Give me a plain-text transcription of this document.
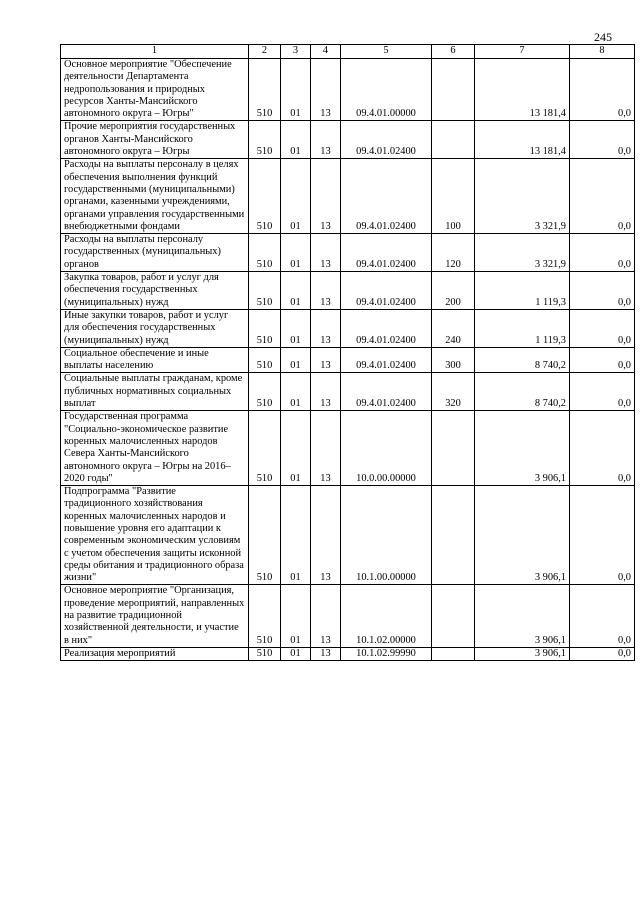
245
1	2	3	4	5	6	7	8
Основное мероприятие "Обеспечение деятельности Департамента недропользования и природных ресурсов Ханты-Мансийского автономного округа – Югры"	510	01	13	09.4.01.00000		13 181,4	0,0
Прочие мероприятия государственных органов Ханты-Мансийского автономного округа – Югры	510	01	13	09.4.01.02400		13 181,4	0,0
Расходы на выплаты персоналу в целях обеспечения выполнения функций государственными (муниципальными) органами, казенными учреждениями, органами управления государственными внебюджетными фондами	510	01	13	09.4.01.02400	100	3 321,9	0,0
Расходы на выплаты персоналу государственных (муниципальных) органов	510	01	13	09.4.01.02400	120	3 321,9	0,0
Закупка товаров, работ и услуг для обеспечения государственных (муниципальных) нужд	510	01	13	09.4.01.02400	200	1 119,3	0,0
Иные закупки товаров, работ и услуг для обеспечения государственных (муниципальных) нужд	510	01	13	09.4.01.02400	240	1 119,3	0,0
Социальное обеспечение и иные выплаты населению	510	01	13	09.4.01.02400	300	8 740,2	0,0
Социальные выплаты гражданам, кроме публичных нормативных социальных выплат	510	01	13	09.4.01.02400	320	8 740,2	0,0
Государственная программа "Социально-экономическое развитие коренных малочисленных народов Севера Ханты-Мансийского автономного округа – Югры на 2016–2020 годы"	510	01	13	10.0.00.00000		3 906,1	0,0
Подпрограмма "Развитие традиционного хозяйствования коренных малочисленных народов и повышение уровня его адаптации к современным экономическим условиям с учетом обеспечения защиты исконной среды обитания и традиционного образа жизни"	510	01	13	10.1.00.00000		3 906,1	0,0
Основное мероприятие "Организация, проведение мероприятий, направленных на развитие традиционной хозяйственной деятельности, и участие в них"	510	01	13	10.1.02.00000		3 906,1	0,0
Реализация мероприятий	510	01	13	10.1.02.99990		3 906,1	0,0
